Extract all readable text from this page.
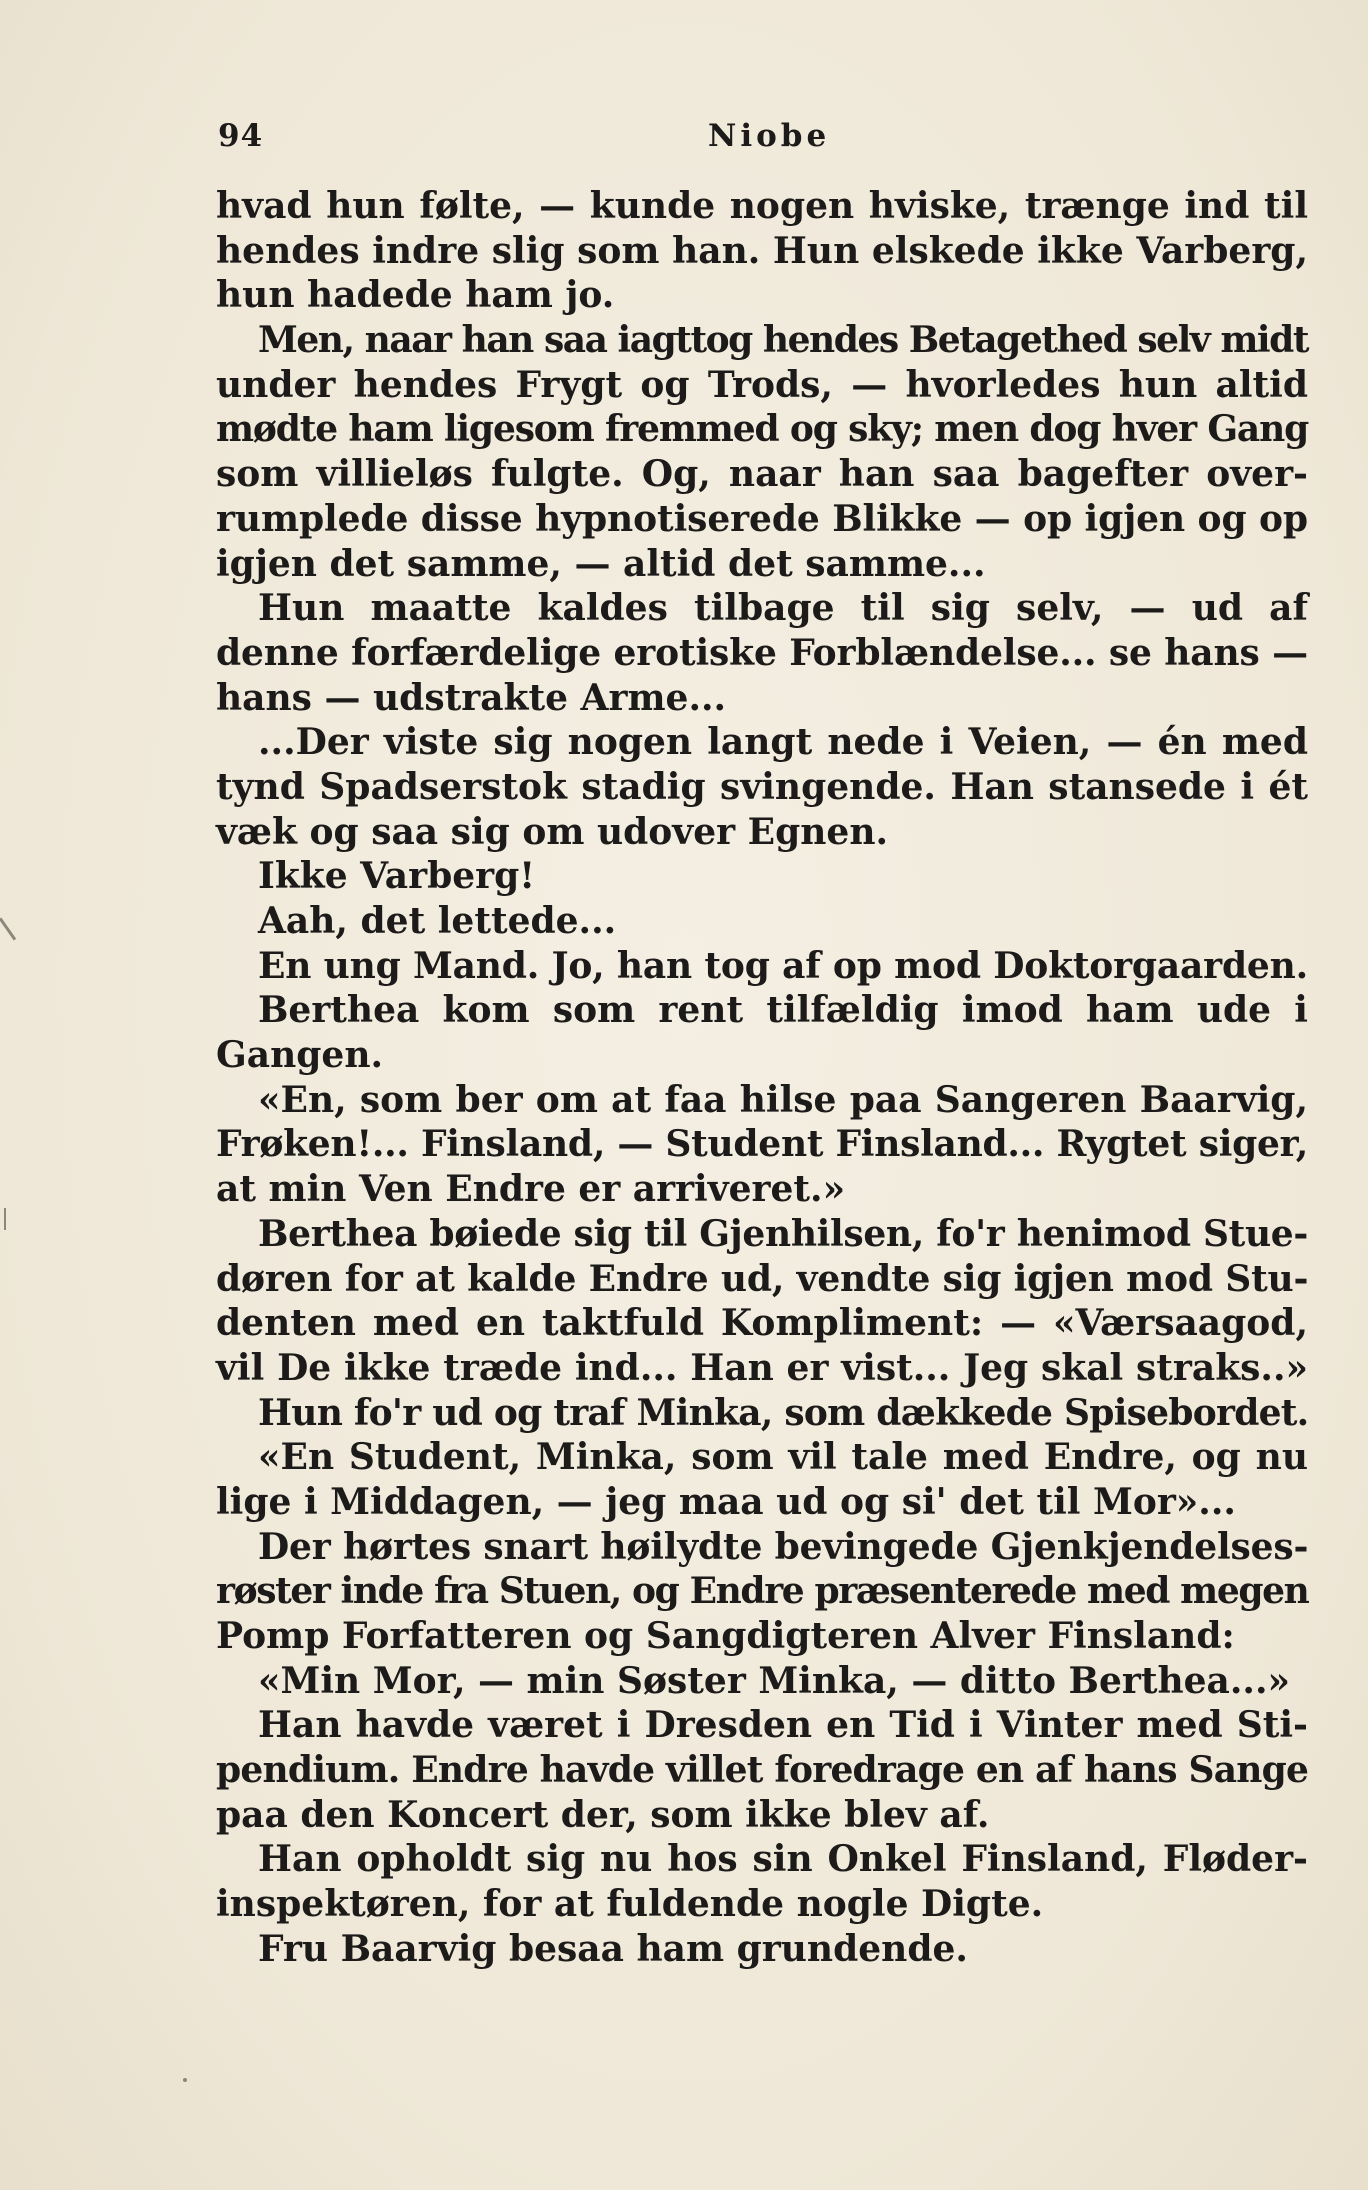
94	Niobe
hvad hun følte, — kunde nogen hviske, trænge ind til
hendes indre slig som han. Hun elskede ikke Varberg,
hun hadede ham jo.
Men, naar han saa iagttog hendes Betagethed selv midt
under hendes Frygt og Trods, — hvorledes hun altid
mødte ham ligesom fremmed og sky; men dog hver Gang
som villieløs fulgte. Og, naar han saa bagefter over-
rumplede disse hypnotiserede Blikke — op igjen og op
igjen det samme, — altid det samme...
Hun maatte kaldes tilbage til sig selv, — ud af
denne forfærdelige erotiske Forblændelse... se hans —
hans — udstrakte Arme...
...Der viste sig nogen langt nede i Veien, — én med
tynd Spadserstok stadig svingende. Han stansede i ét
væk og saa sig om udover Egnen.
Ikke Varberg!
Aah, det lettede...
En ung Mand. Jo, han tog af op mod Doktorgaarden.
Berthea kom som rent tilfældig imod ham ude i
Gangen.
«En, som ber om at faa hilse paa Sangeren Baarvig,
Frøken!... Finsland, — Student Finsland... Rygtet siger,
at min Ven Endre er arriveret.»
Berthea bøiede sig til Gjenhilsen, fo'r henimod Stue-
døren for at kalde Endre ud, vendte sig igjen mod Stu-
denten med en taktfuld Kompliment: — «Værsaagod,
vil De ikke træde ind... Han er vist... Jeg skal straks..»
Hun fo'r ud og traf Minka, som dækkede Spisebordet.
«En Student, Minka, som vil tale med Endre, og nu
lige i Middagen, — jeg maa ud og si' det til Mor»...
Der hørtes snart høilydte bevingede Gjenkjendelses-
røster inde fra Stuen, og Endre præsenterede med megen
Pomp Forfatteren og Sangdigteren Alver Finsland:
«Min Mor, — min Søster Minka, — ditto Berthea...»
Han havde været i Dresden en Tid i Vinter med Sti-
pendium. Endre havde villet foredrage en af hans Sange
paa den Koncert der, som ikke blev af.
Han opholdt sig nu hos sin Onkel Finsland, Fløder-
inspektøren, for at fuldende nogle Digte.
Fru Baarvig besaa ham grundende.
